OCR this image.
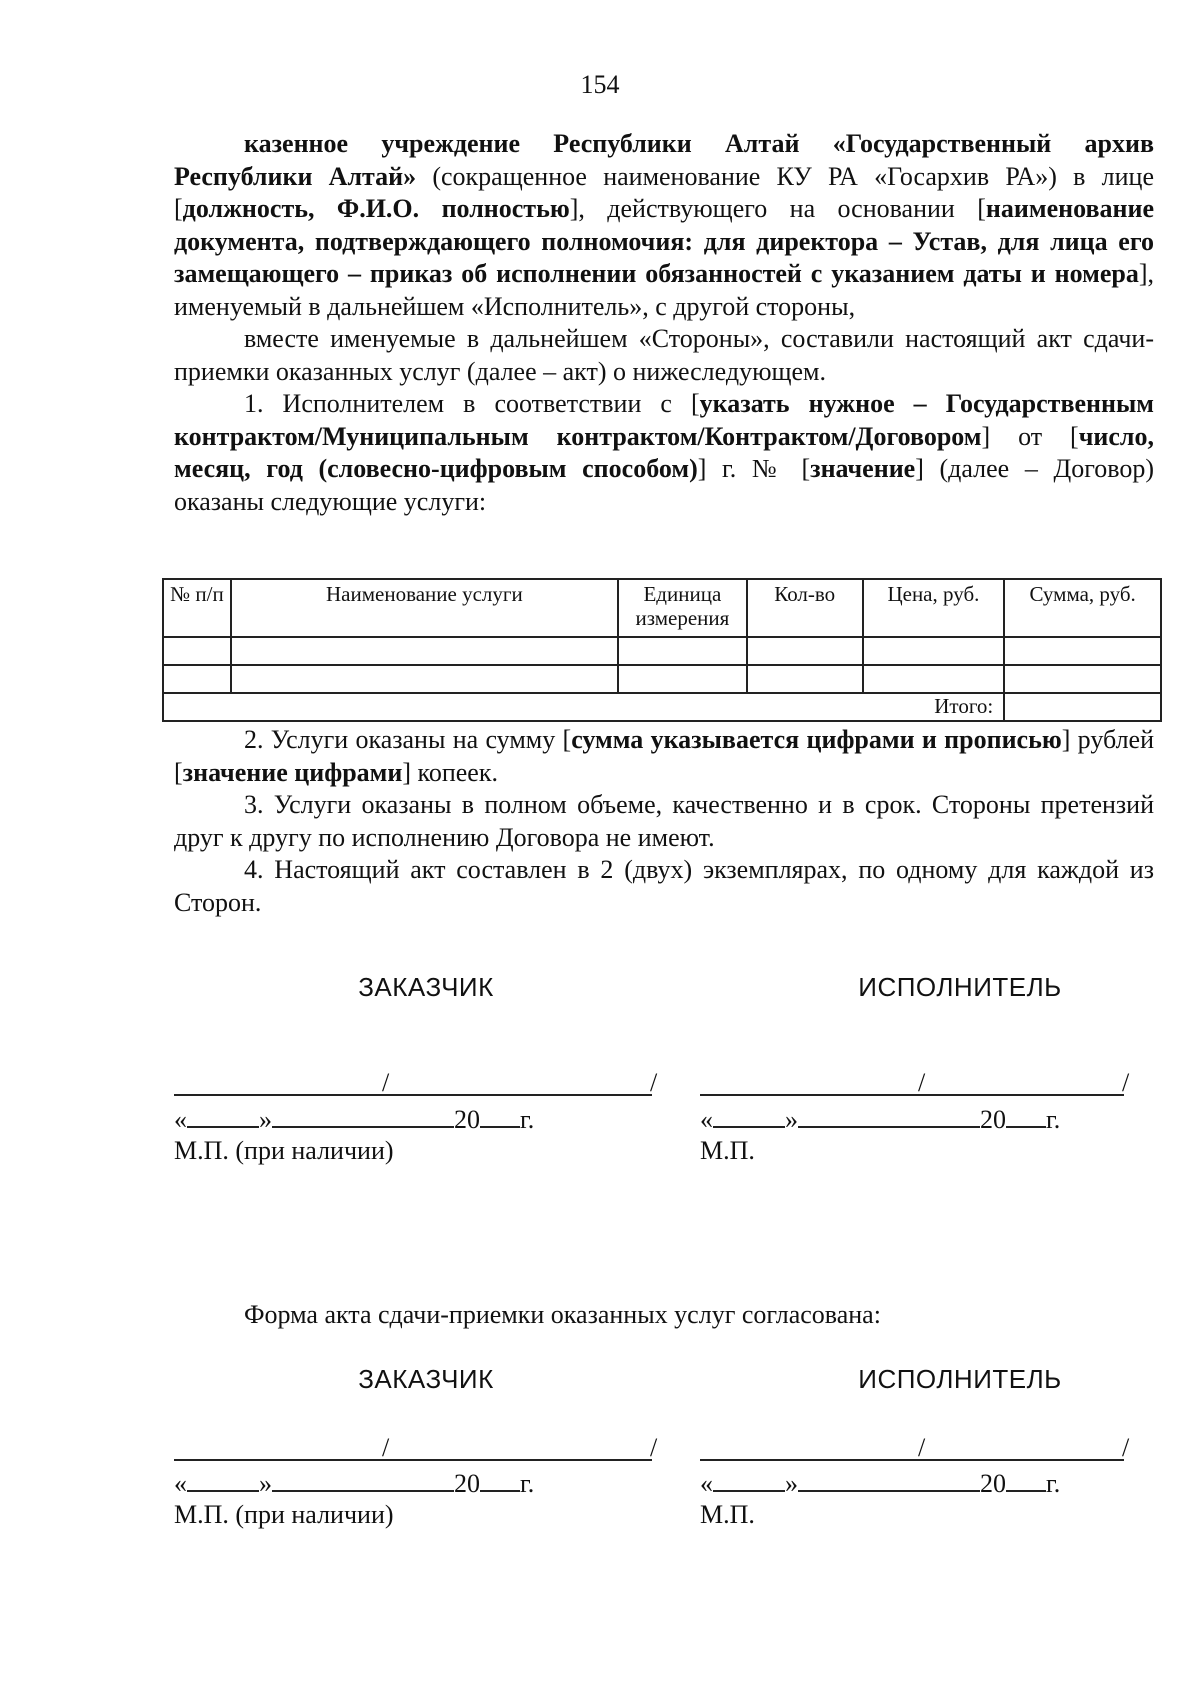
154

казенное учреждение Республики Алтай «Государственный архив Республики Алтай» (сокращенное наименование КУ РА «Госархив РА») в лице [должность, Ф.И.О. полностью], действующего на основании [наименование документа, подтверждающего полномочия: для директора – Устав, для лица его замещающего – приказ об исполнении обязанностей с указанием даты и номера], именуемый в дальнейшем «Исполнитель», с другой стороны,

вместе именуемые в дальнейшем «Стороны», составили настоящий акт сдачи-приемки оказанных услуг (далее – акт) о нижеследующем.

1. Исполнителем в соответствии с [указать нужное – Государственным контрактом/Муниципальным контрактом/Контрактом/Договором] от [число, месяц, год (словесно-цифровым способом)] г. № [значение] (далее – Договор) оказаны следующие услуги:

№ п/п	Наименование услуги	Единица измерения	Кол-во	Цена, руб.	Сумма, руб.

Итого:					

2. Услуги оказаны на сумму [сумма указывается цифрами и прописью] рублей [значение цифрами] копеек.

3. Услуги оказаны в полном объеме, качественно и в срок. Стороны претензий друг к другу по исполнению Договора не имеют.

4. Настоящий акт составлен в 2 (двух) экземплярах, по одному для каждой из Сторон.

ЗАКАЗЧИК	ИСПОЛНИТЕЛЬ
/	/	/	/
«	»	20 г.	«	»	20 г.
М.П. (при наличии)	М.П.
Форма акта сдачи-приемки оказанных услуг согласована:
ЗАКАЗЧИК	ИСПОЛНИТЕЛЬ
/	/	/	/
«	»	20 г.	«	»	20 г.
М.П. (при наличии)	М.П.
